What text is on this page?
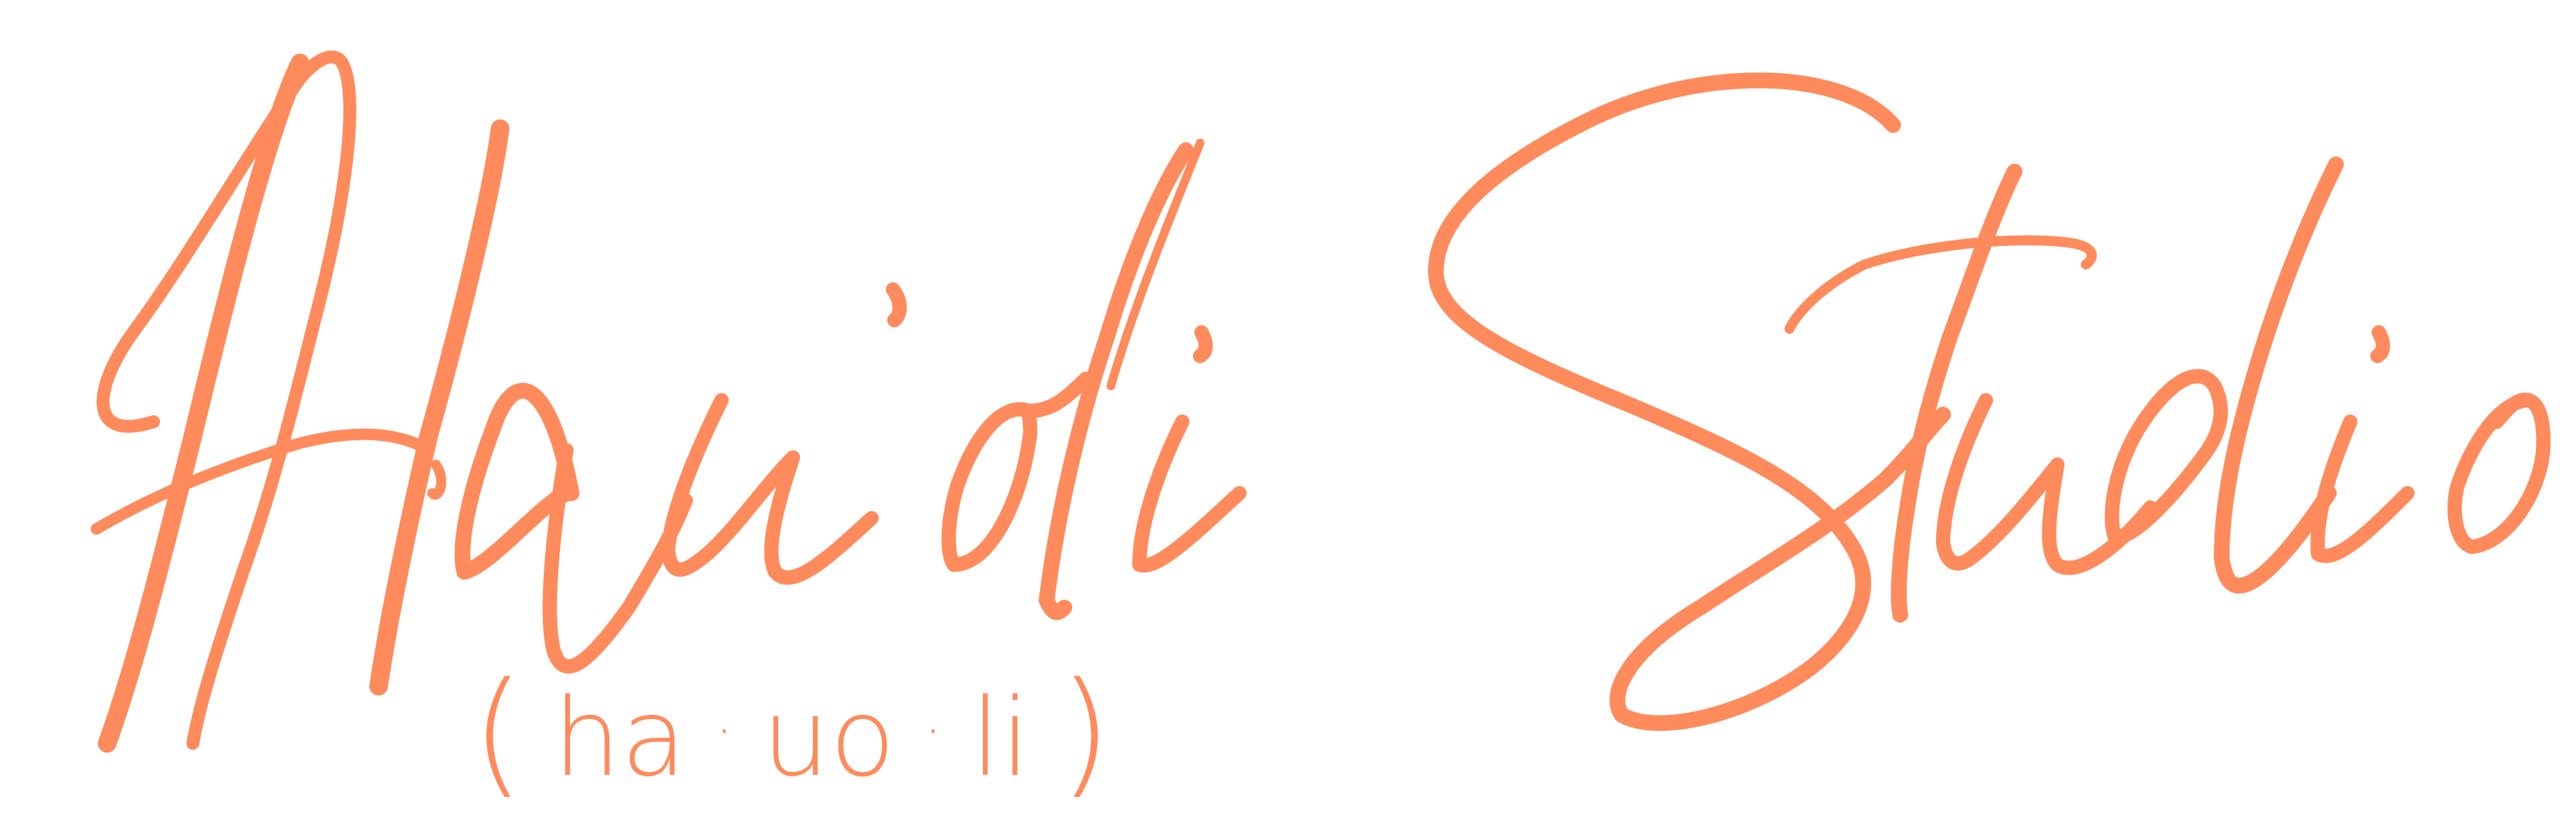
( ha · uo · li )
